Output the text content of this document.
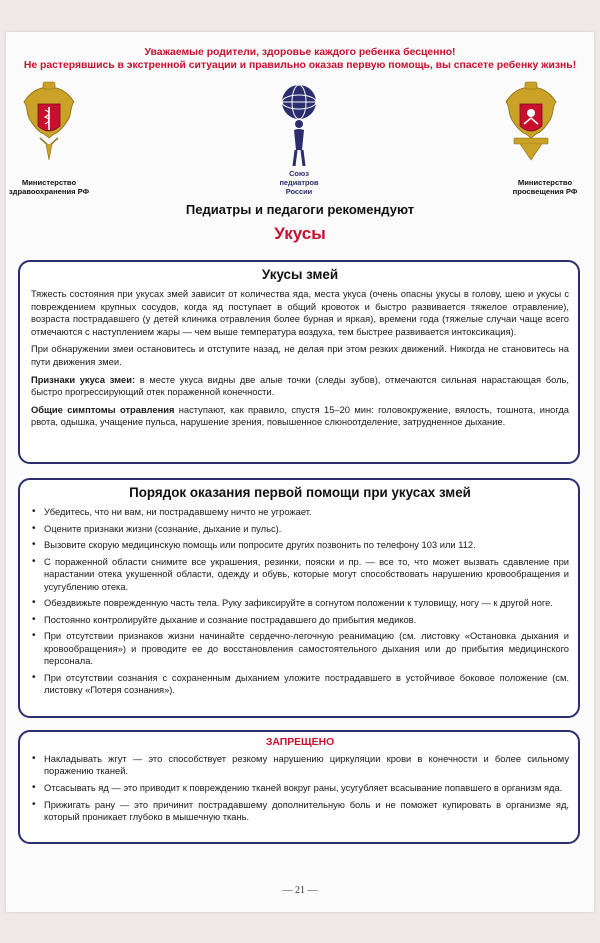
Уважаемые родители, здоровье каждого ребенка бесценно!
Не растерявшись в экстренной ситуации и правильно оказав первую помощь, вы спасете ребенку жизнь!
Министерство
здравоохранения РФ
Союз
педиатров
России
Министерство
просвещения РФ
Педиатры и педагоги рекомендуют
Укусы
Укусы змей

Тяжесть состояния при укусах змей зависит от количества яда, места укуса (очень опасны укусы в голову, шею и укусы с повреждением крупных сосудов, когда яд поступает в общий кровоток и быстро развивается тяжелое отравление), возраста пострадавшего (у детей клиника отравления более бурная и яркая), времени года (тяжелые случаи чаще всего отмечаются с наступлением жары — чем выше температура воздуха, тем быстрее развивается интоксикация).

При обнаружении змеи остановитесь и отступите назад, не делая при этом резких движений. Никогда не становитесь на пути движения змеи.

Признаки укуса змеи: в месте укуса видны две алые точки (следы зубов), отмечаются сильная нарастающая боль, быстро прогрессирующий отек пораженной конечности.

Общие симптомы отравления наступают, как правило, спустя 15–20 мин: головокружение, вялость, тошнота, иногда рвота, одышка, учащение пульса, нарушение зрения, повышенное слюноотделение, затрудненное дыхание.

Порядок оказания первой помощи при укусах змей
• Убедитесь, что ни вам, ни пострадавшему ничто не угрожает.
• Оцените признаки жизни (сознание, дыхание и пульс).
• Вызовите скорую медицинскую помощь или попросите других позвонить по телефону 103 или 112.
• С пораженной области снимите все украшения, резинки, пояски и пр. — все то, что может вызвать сдавление при нарастании отека укушенной области, одежду и обувь, которые могут способствовать нарушению кровообращения и усугублению отека.
• Обездвижьте поврежденную часть тела. Руку зафиксируйте в согнутом положении к туловищу, ногу — к другой ноге.
• Постоянно контролируйте дыхание и сознание пострадавшего до прибытия медиков.
• При отсутствии признаков жизни начинайте сердечно-легочную реанимацию (см. листовку «Остановка дыхания и кровообращения») и проводите ее до восстановления самостоятельного дыхания или до прибытия медицинского персонала.
• При отсутствии сознания с сохраненным дыханием уложите пострадавшего в устойчивое боковое положение (см. листовку «Потеря сознания»).
ЗАПРЕЩЕНО
• Накладывать жгут — это способствует резкому нарушению циркуляции крови в конечности и более сильному поражению тканей.
• Отсасывать яд — это приводит к повреждению тканей вокруг раны, усугубляет всасывание попавшего в организм яда.
• Прижигать рану — это причинит пострадавшему дополнительную боль и не поможет купировать в организме яд, который проникает глубоко в мышечную ткань.
— 21 —
